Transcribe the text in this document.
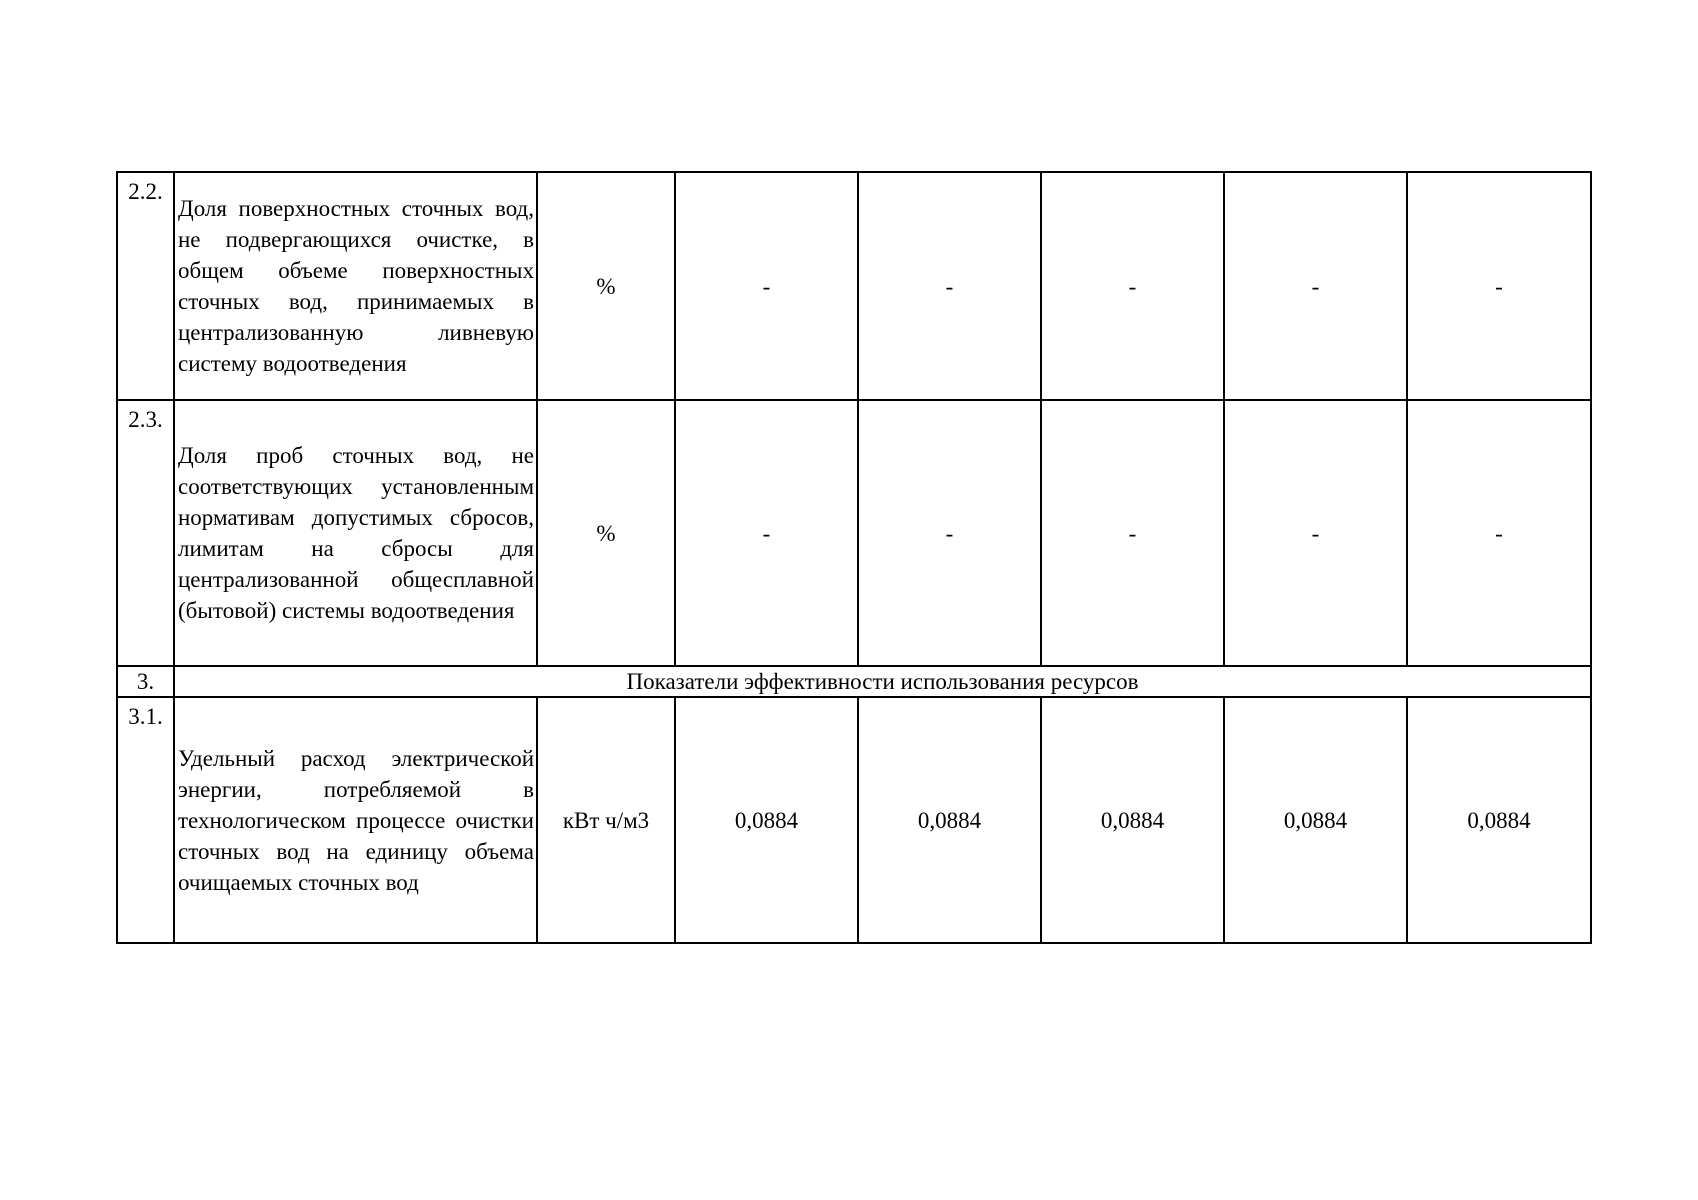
2.2.	Доля поверхностных сточных вод, не подвергающихся очистке, в общем объеме поверхностных сточных вод, принимаемых в централизованную ливневую систему водоотведения	%	-	-	-	-	-
2.3.	Доля проб сточных вод, не соответствующих установленным нормативам допустимых сбросов, лимитам на сбросы для централизованной общесплавной (бытовой) системы водоотведения	%	-	-	-	-	-
3.	Показатели эффективности использования ресурсов						
3.1.	Удельный расход электрической энергии, потребляемой в технологическом процессе очистки сточных вод на единицу объема очищаемых сточных вод	кВт ч/м3	0,0884	0,0884	0,0884	0,0884	0,0884
